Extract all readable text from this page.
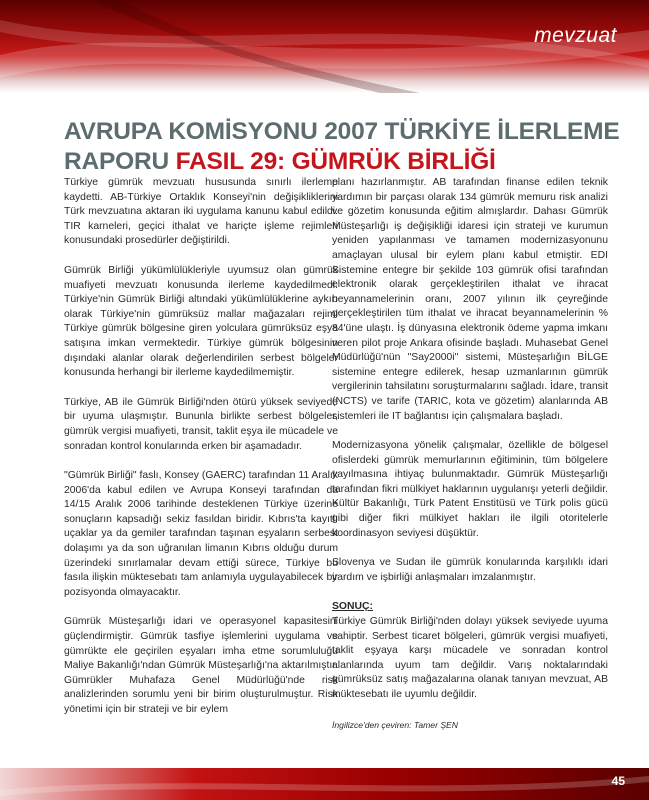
mevzuat
AVRUPA KOMİSYONU 2007 TÜRKİYE İLERLEME RAPORU FASIL 29: GÜMRÜK BİRLİĞİ

Türkiye gümrük mevzuatı hususunda sınırlı ilerleme kaydetti. AB-Türkiye Ortaklık Konseyi'nin değişikliklerini Türk mevzuatına aktaran iki uygulama kanunu kabul edildi. TIR karneleri, geçici ithalat ve hariçte işleme rejimleri konusundaki prosedürler değiştirildi.

Gümrük Birliği yükümlülükleriyle uyumsuz olan gümrük muafiyeti mevzuatı konusunda ilerleme kaydedilmedi. Türkiye'nin Gümrük Birliği altındaki yükümlülüklerine aykırı olarak Türkiye'nin gümrüksüz mallar mağazaları rejimi Türkiye gümrük bölgesine giren yolculara gümrüksüz eşya satışına imkan vermektedir. Türkiye gümrük bölgesinin dışındaki alanlar olarak değerlendirilen serbest bölgeler konusunda herhangi bir ilerleme kaydedilmemiştir.

Türkiye, AB ile Gümrük Birliği'nden ötürü yüksek seviyede bir uyuma ulaşmıştır. Bununla birlikte serbest bölgeler, gümrük vergisi muafiyeti, transit, taklit eşya ile mücadele ve sonradan kontrol konularında erken bir aşamadadır.

"Gümrük Birliği" faslı, Konsey (GAERC) tarafından 11 Aralık 2006'da kabul edilen ve Avrupa Konseyi tarafından da 14/15 Aralık 2006 tarihinde desteklenen Türkiye üzerine sonuçların kapsadığı sekiz fasıldan biridir. Kıbrıs'ta kayıtlı uçaklar ya da gemiler tarafından taşınan eşyaların serbest dolaşımı ya da son uğranılan limanın Kıbrıs olduğu durum üzerindeki sınırlamalar devam ettiği sürece, Türkiye bu fasıla ilişkin müktesebatı tam anlamıyla uygulayabilecek bir pozisyonda olmayacaktır.

Gümrük Müsteşarlığı idari ve operasyonel kapasitesini güçlendirmiştir. Gümrük tasfiye işlemlerini uygulama ve gümrükte ele geçirilen eşyaları imha etme sorumluluğu Maliye Bakanlığı'ndan Gümrük Müsteşarlığı'na aktarılmıştır. Gümrükler Muhafaza Genel Müdürlüğü'nde risk analizlerinden sorumlu yeni bir birim oluşturulmuştur. Risk yönetimi için bir strateji ve bir eylem

planı hazırlanmıştır. AB tarafından finanse edilen teknik yardımın bir parçası olarak 134 gümrük memuru risk analizi ve gözetim konusunda eğitim almışlardır. Dahası Gümrük Müsteşarlığı iş değişikliği idaresi için strateji ve kurumun yeniden yapılanması ve tamamen modernizasyonunu amaçlayan ulusal bir eylem planı kabul etmiştir. EDI Sistemine entegre bir şekilde 103 gümrük ofisi tarafından elektronik olarak gerçekleştirilen ithalat ve ihracat beyannamelerinin oranı, 2007 yılının ilk çeyreğinde gerçekleştirilen tüm ithalat ve ihracat beyannamelerinin % 84'üne ulaştı. İş dünyasına elektronik ödeme yapma imkanı veren pilot proje Ankara ofisinde başladı. Muhasebat Genel Müdürlüğü'nün "Say2000i" sistemi, Müsteşarlığın BİLGE sistemine entegre edilerek, hesap uzmanlarının gümrük vergilerinin tahsilatını soruşturmalarını sağladı. İdare, transit (NCTS) ve tarife (TARIC, kota ve gözetim) alanlarında AB sistemleri ile IT bağlantısı için çalışmalara başladı.

Modernizasyona yönelik çalışmalar, özellikle de bölgesel ofislerdeki gümrük memurlarının eğitiminin, tüm bölgelere yayılmasına ihtiyaç bulunmaktadır. Gümrük Müsteşarlığı tarafından fikri mülkiyet haklarının uygulanışı yeterli değildir. Kültür Bakanlığı, Türk Patent Enstitüsü ve Türk polis gücü gibi diğer fikri mülkiyet hakları ile ilgili otoritelerle koordinasyon seviyesi düşüktür.

Slovenya ve Sudan ile gümrük konularında karşılıklı idari yardım ve işbirliği anlaşmaları imzalanmıştır.

SONUÇ:

Türkiye Gümrük Birliği'nden dolayı yüksek seviyede uyuma sahiptir. Serbest ticaret bölgeleri, gümrük vergisi muafiyeti, taklit eşyaya karşı mücadele ve sonradan kontrol alanlarında uyum tam değildir. Varış noktalarındaki gümrüksüz satış mağazalarına olanak tanıyan mevzuat, AB müktesebatı ile uyumlu değildir.

İngilizce'den çeviren: Tamer ŞEN
45
